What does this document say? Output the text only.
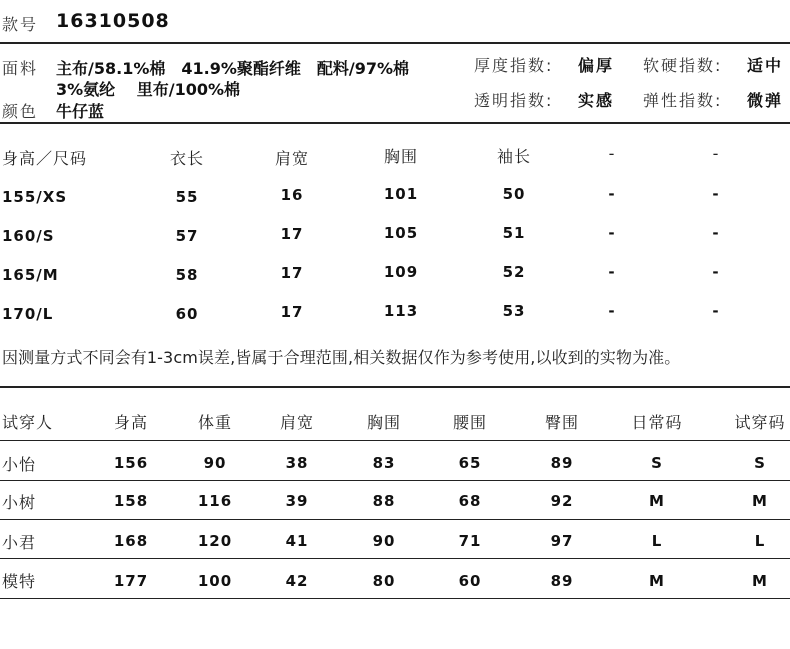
款号 16310508
面料 主布/58.1%棉　41.9%聚酯纤维　配料/97%棉
3%氨纶　 里布/100%棉
颜色 牛仔蓝
厚度指数: 偏厚 软硬指数: 适中
透明指数: 实感 弹性指数: 微弹
身高／尺码	衣长	肩宽	胸围	袖长	-	-
155/XS	55	16	101	50	-	-
160/S	57	17	105	51	-	-
165/M	58	17	109	52	-	-
170/L	60	17	113	53	-	-
因测量方式不同会有1-3cm误差,皆属于合理范围,相关数据仅作为参考使用,以收到的实物为准。
试穿人	身高	体重	肩宽	胸围	腰围	臀围	日常码	试穿码
小怡	156	90	38	83	65	89	S	S
小树	158	116	39	88	68	92	M	M
小君	168	120	41	90	71	97	L	L
模特	177	100	42	80	60	89	M	M
